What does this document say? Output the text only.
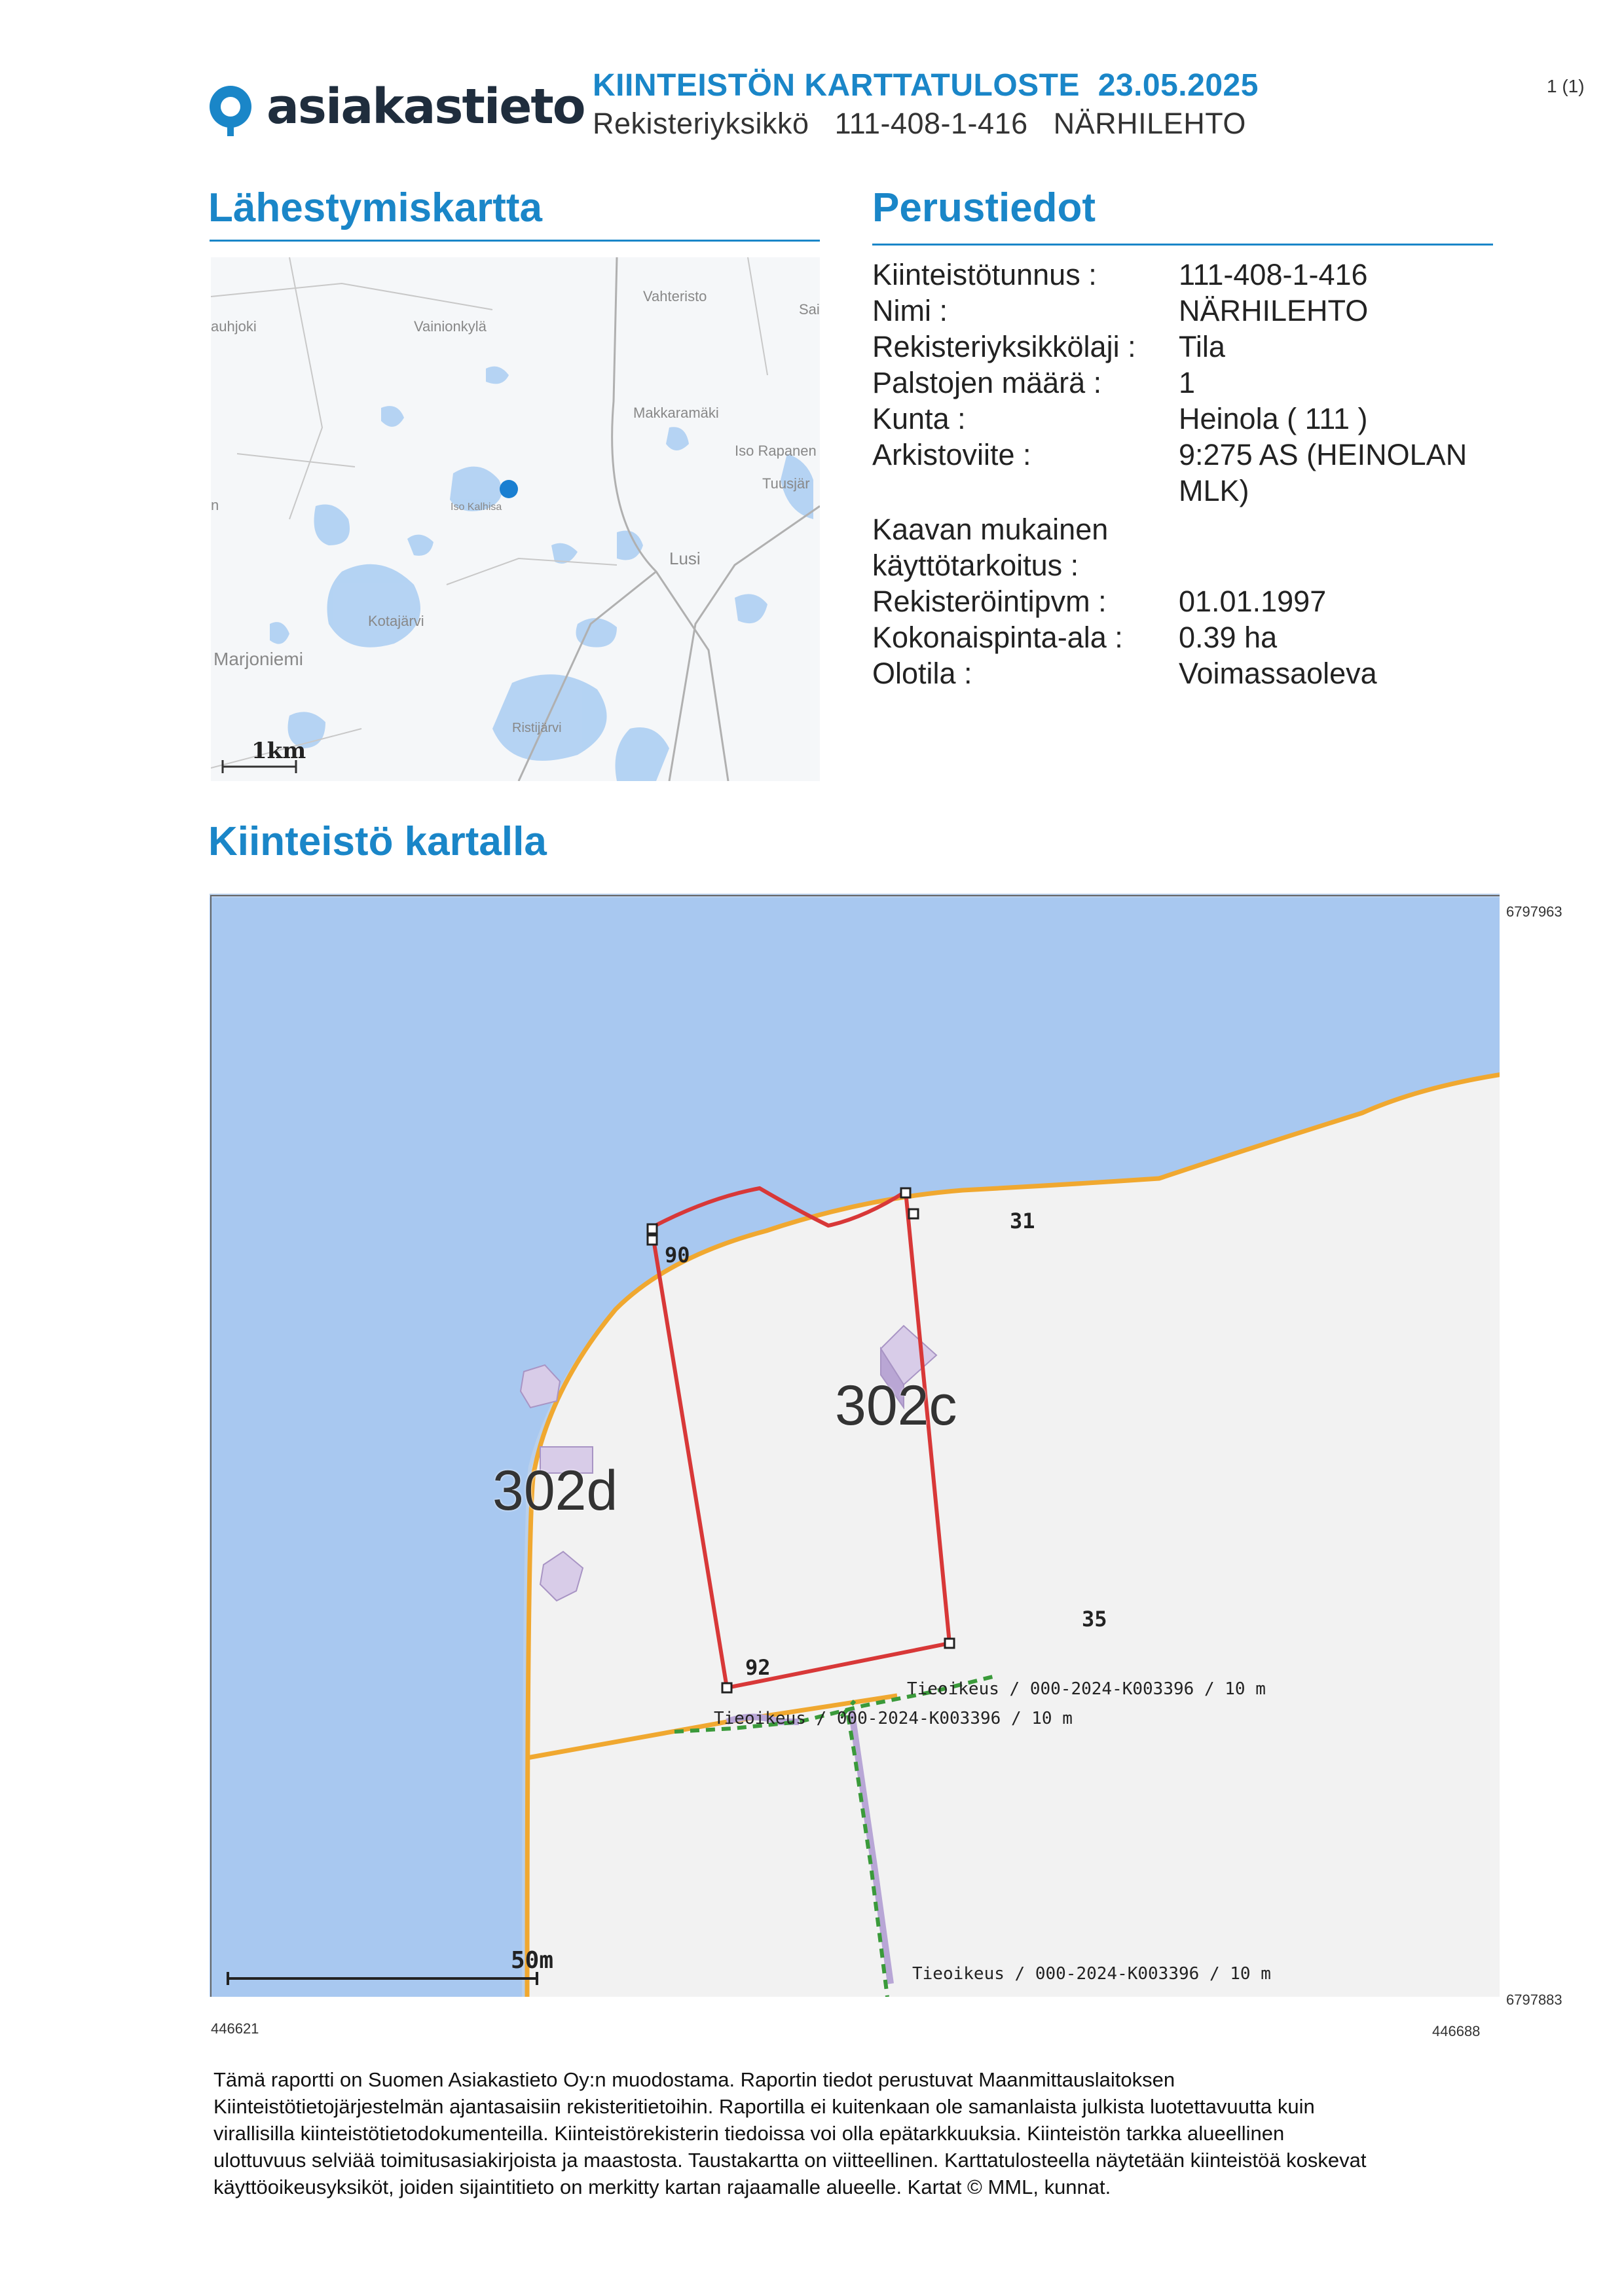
asiakastieto KIINTEISTÖN KARTTATULOSTE 23.05.2025
Rekisteriyksikkö 111-408-1-416 NÄRHILEHTO
1 (1)
Lähestymiskartta	Perustiedot
Kiinteistötunnus :	111-408-1-416
Nimi :	NÄRHILEHTO
Rekisteriyksikkölaji : Tila
Palstojen määrä :	1
Kunta :	Heinola ( 111 )
Arkistoviite :	9:275 AS (HEINOLAN
MLK)
Kaavan mukainen
käyttötarkoitus :
Rekisteröintipvm : 01.01.1997
Kokonaispinta-ala : 0.39 ha
Olotila :	Voimassaoleva
auhjoki	Vainionkylä
Vahteristo
Sai
Makkaramäki
Iso Rapanen
Tuusjär
n	Iso Kalhisa
Lusi
Kotajärvi
Marjoniemi
Ristijärvi
1km
Kiinteistö kartalla
90
31
35
92
302c
302d
Tieoikeus / 000-2024-K003396 / 10 m
Tieoikeus / 000-2024-K003396 / 10 m
Tieoikeus / 000-2024-K003396 / 10 m
50m
6797963
6797883
446621	446688
Tämä raportti on Suomen Asiakastieto Oy:n muodostama. Raportin tiedot perustuvat Maanmittauslaitoksen
Kiinteistötietojärjestelmän ajantasaisiin rekisteritietoihin. Raportilla ei kuitenkaan ole samanlaista julkista luotettavuutta kuin
virallisilla kiinteistötietodokumenteilla. Kiinteistörekisterin tiedoissa voi olla epätarkkuuksia. Kiinteistön tarkka alueellinen
ulottuvuus selviää toimitusasiakirjoista ja maastosta. Taustakartta on viitteellinen. Karttatulosteella näytetään kiinteistöä koskevat
käyttöoikeusyksiköt, joiden sijaintitieto on merkitty kartan rajaamalle alueelle. Kartat © MML, kunnat.
